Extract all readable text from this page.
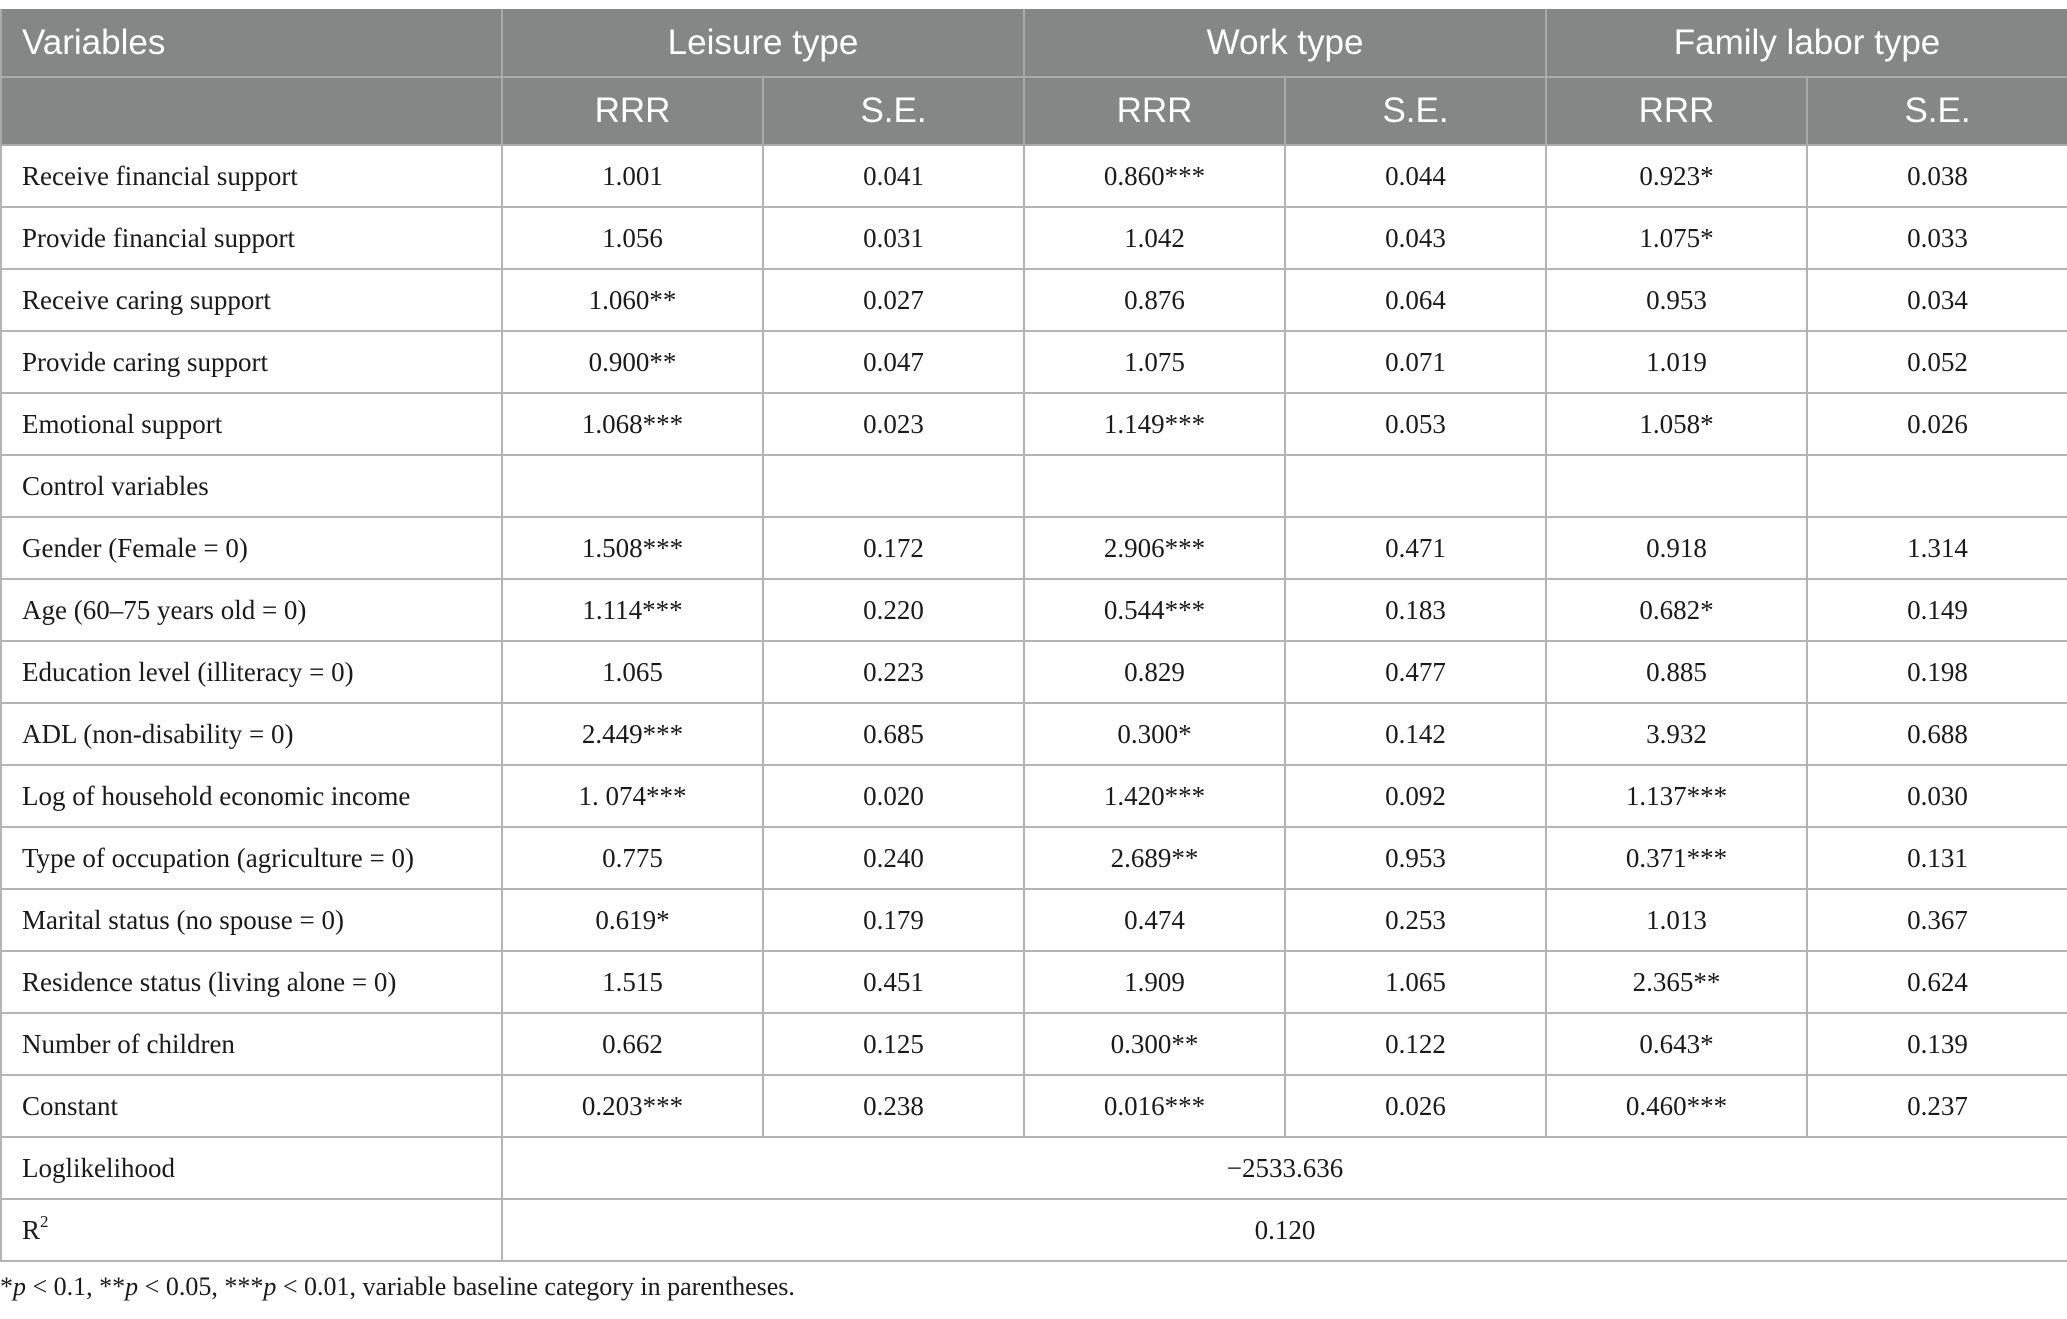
Variables	Leisure type		Work type		Family labor type	
	RRR	S.E.	RRR	S.E.	RRR	S.E.
Receive financial support	1.001	0.041	0.860***	0.044	0.923*	0.038
Provide financial support	1.056	0.031	1.042	0.043	1.075*	0.033
Receive caring support	1.060**	0.027	0.876	0.064	0.953	0.034
Provide caring support	0.900**	0.047	1.075	0.071	1.019	0.052
Emotional support	1.068***	0.023	1.149***	0.053	1.058*	0.026
Control variables						
Gender (Female = 0)	1.508***	0.172	2.906***	0.471	0.918	1.314
Age (60–75 years old = 0)	1.114***	0.220	0.544***	0.183	0.682*	0.149
Education level (illiteracy = 0)	1.065	0.223	0.829	0.477	0.885	0.198
ADL (non-disability = 0)	2.449***	0.685	0.300*	0.142	3.932	0.688
Log of household economic income	1. 074***	0.020	1.420***	0.092	1.137***	0.030
Type of occupation (agriculture = 0)	0.775	0.240	2.689**	0.953	0.371***	0.131
Marital status (no spouse = 0)	0.619*	0.179	0.474	0.253	1.013	0.367
Residence status (living alone = 0)	1.515	0.451	1.909	1.065	2.365**	0.624
Number of children	0.662	0.125	0.300**	0.122	0.643*	0.139
Constant	0.203***	0.238	0.016***	0.026	0.460***	0.237
Loglikelihood	−2533.636					
$R^2$	0.120					
*p < 0.1, **p < 0.05, ***p < 0.01, variable baseline category in parentheses.
